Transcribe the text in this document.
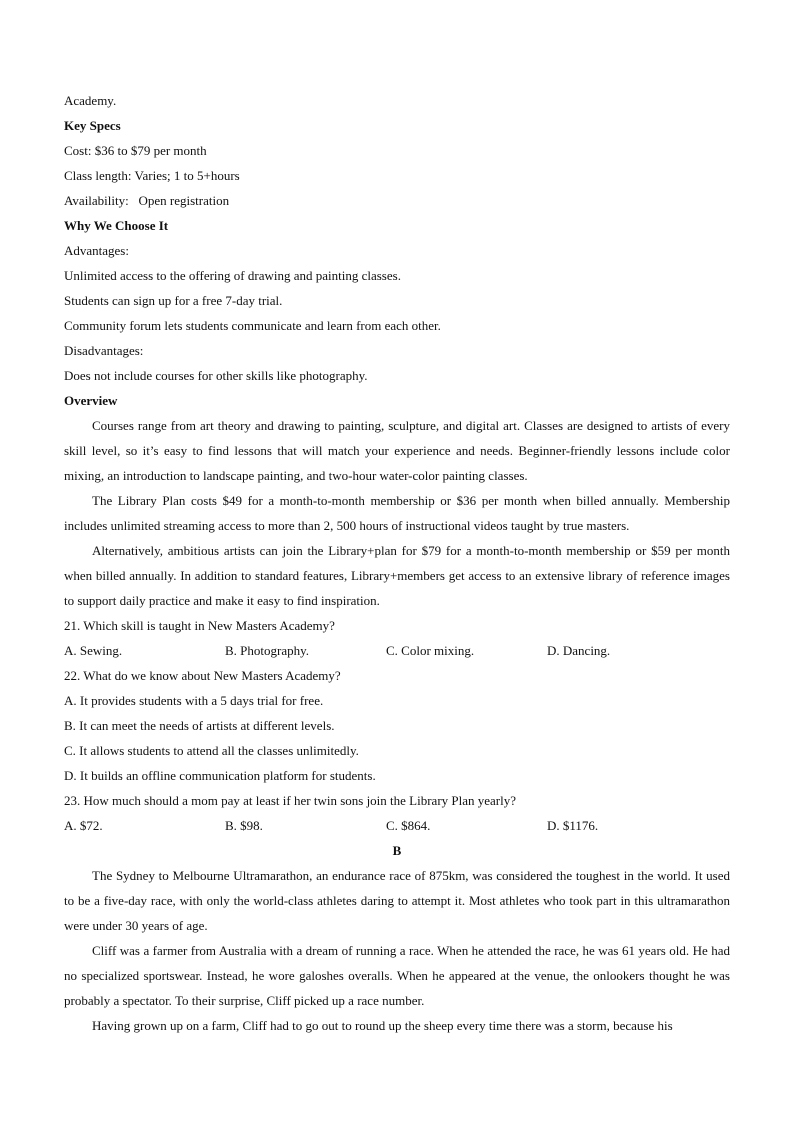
Academy.

Key Specs

Cost: $36 to $79 per month

Class length: Varies; 1 to 5+hours

Availability:   Open registration

Why We Choose It

Advantages:

Unlimited access to the offering of drawing and painting classes.

Students can sign up for a free 7-day trial.

Community forum lets students communicate and learn from each other.

Disadvantages:

Does not include courses for other skills like photography.

Overview

Courses range from art theory and drawing to painting, sculpture, and digital art. Classes are designed to artists of every skill level, so it’s easy to find lessons that will match your experience and needs. Beginner-friendly lessons include color mixing, an introduction to landscape painting, and two-hour water-color painting classes.

The Library Plan costs $49 for a month-to-month membership or $36 per month when billed annually. Membership includes unlimited streaming access to more than 2, 500 hours of instructional videos taught by true masters.

Alternatively, ambitious artists can join the Library+plan for $79 for a month-to-month membership or $59 per month when billed annually. In addition to standard features, Library+members get access to an extensive library of reference images to support daily practice and make it easy to find inspiration.

21. Which skill is taught in New Masters Academy?

A. Sewing.	B. Photography.	C. Color mixing.	D. Dancing.

22. What do we know about New Masters Academy?

A. It provides students with a 5 days trial for free.

B. It can meet the needs of artists at different levels.

C. It allows students to attend all the classes unlimitedly.

D. It builds an offline communication platform for students.

23. How much should a mom pay at least if her twin sons join the Library Plan yearly?

A. $72.	B. $98.	C. $864.	D. $1176.

B

The Sydney to Melbourne Ultramarathon, an endurance race of 875km, was considered the toughest in the world. It used to be a five-day race, with only the world-class athletes daring to attempt it. Most athletes who took part in this ultramarathon were under 30 years of age.

Cliff was a farmer from Australia with a dream of running a race. When he attended the race, he was 61 years old. He had no specialized sportswear. Instead, he wore galoshes overalls. When he appeared at the venue, the onlookers thought he was probably a spectator. To their surprise, Cliff picked up a race number.

Having grown up on a farm, Cliff had to go out to round up the sheep every time there was a storm, because his
